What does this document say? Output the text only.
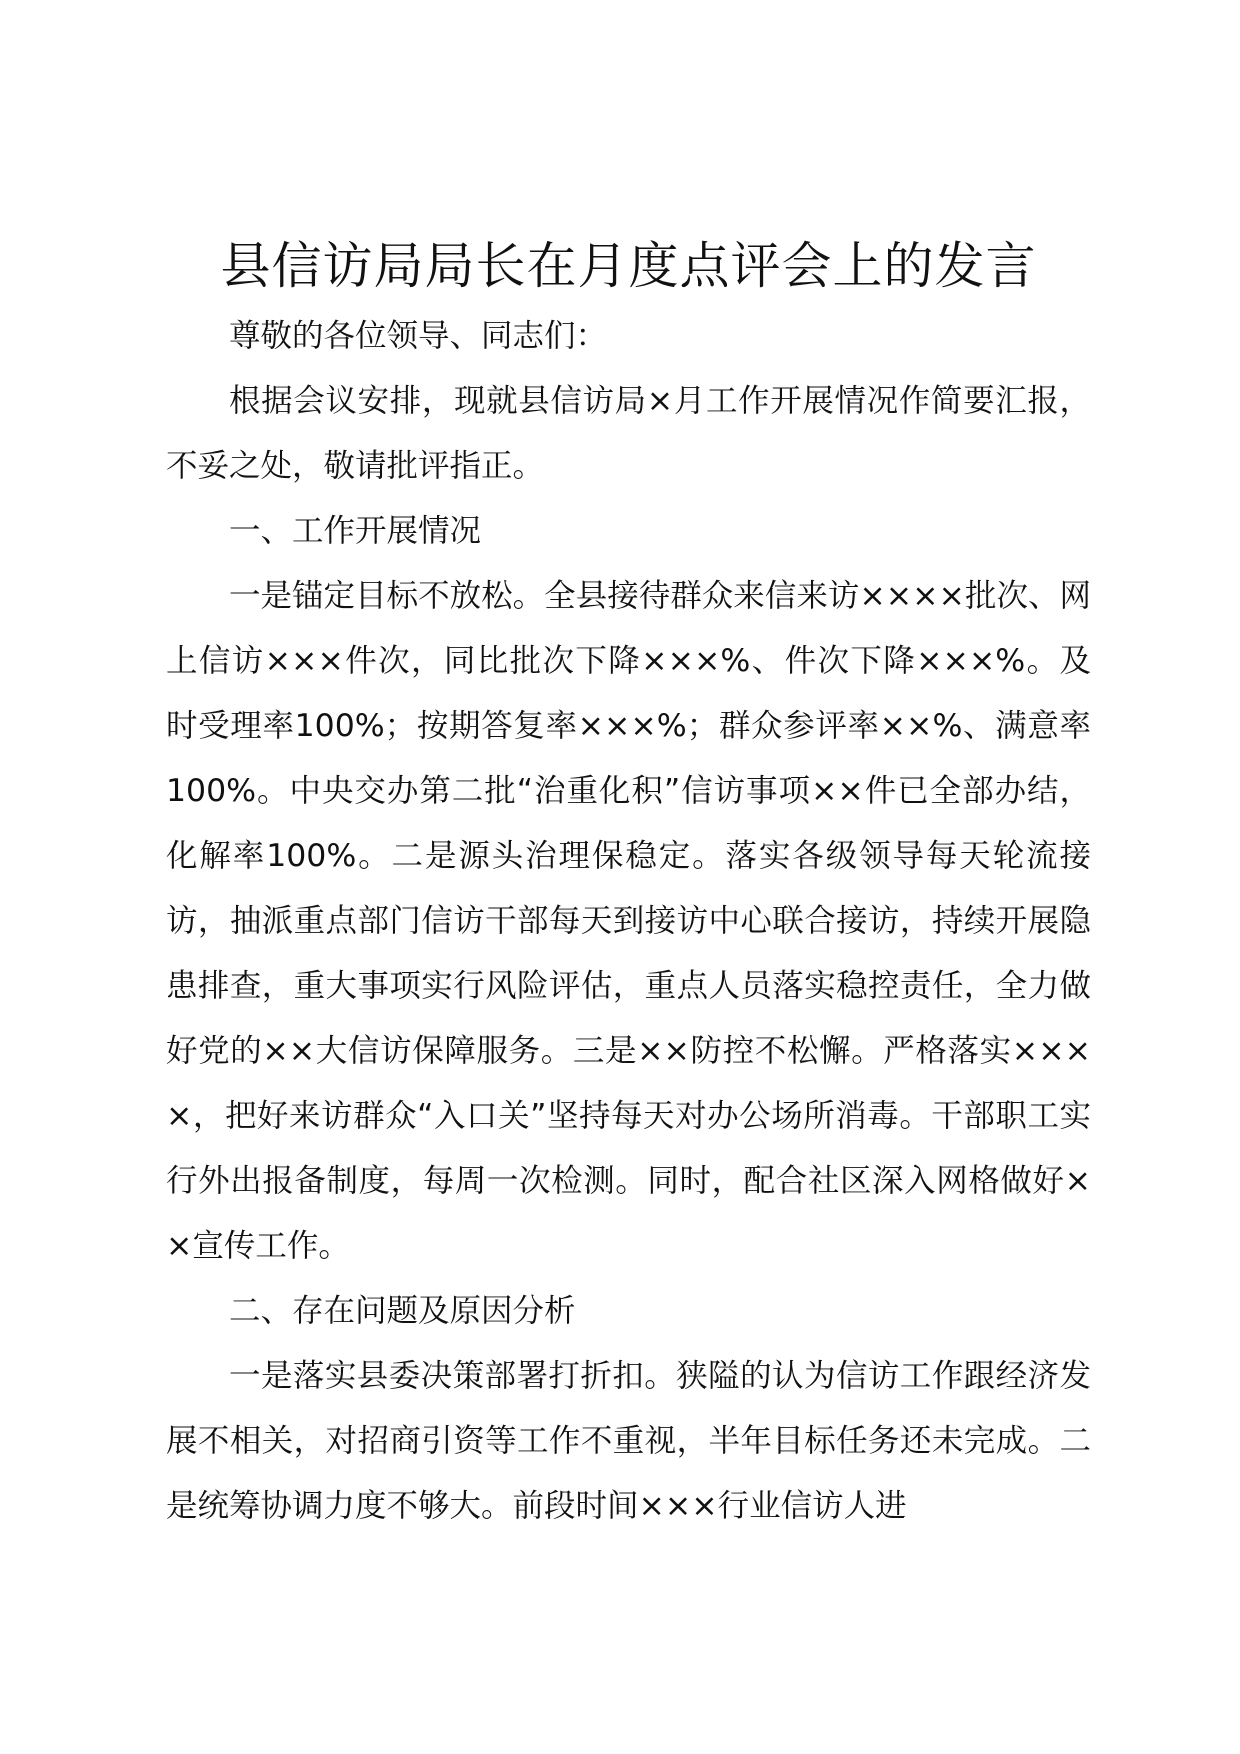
县信访局局长在月度点评会上的发言

尊敬的各位领导、同志们：

根据会议安排，现就县信访局×月工作开展情况作简要汇报，不妥之处，敬请批评指正。

一、工作开展情况

一是锚定目标不放松。全县接待群众来信来访××××批次、网上信访×××件次，同比批次下降×××%、件次下降×××%。及时受理率100%；按期答复率×××%；群众参评率××%、满意率100%。中央交办第二批“治重化积”信访事项××件已全部办结，化解率100%。二是源头治理保稳定。落实各级领导每天轮流接访，抽派重点部门信访干部每天到接访中心联合接访，持续开展隐患排查，重大事项实行风险评估，重点人员落实稳控责任，全力做好党的××大信访保障服务。三是××防控不松懈。严格落实××××，把好来访群众“入口关”坚持每天对办公场所消毒。干部职工实行外出报备制度，每周一次检测。同时，配合社区深入网格做好××宣传工作。

二、存在问题及原因分析

一是落实县委决策部署打折扣。狭隘的认为信访工作跟经济发展不相关，对招商引资等工作不重视，半年目标任务还未完成。二是统筹协调力度不够大。前段时间×××行业信访人进
